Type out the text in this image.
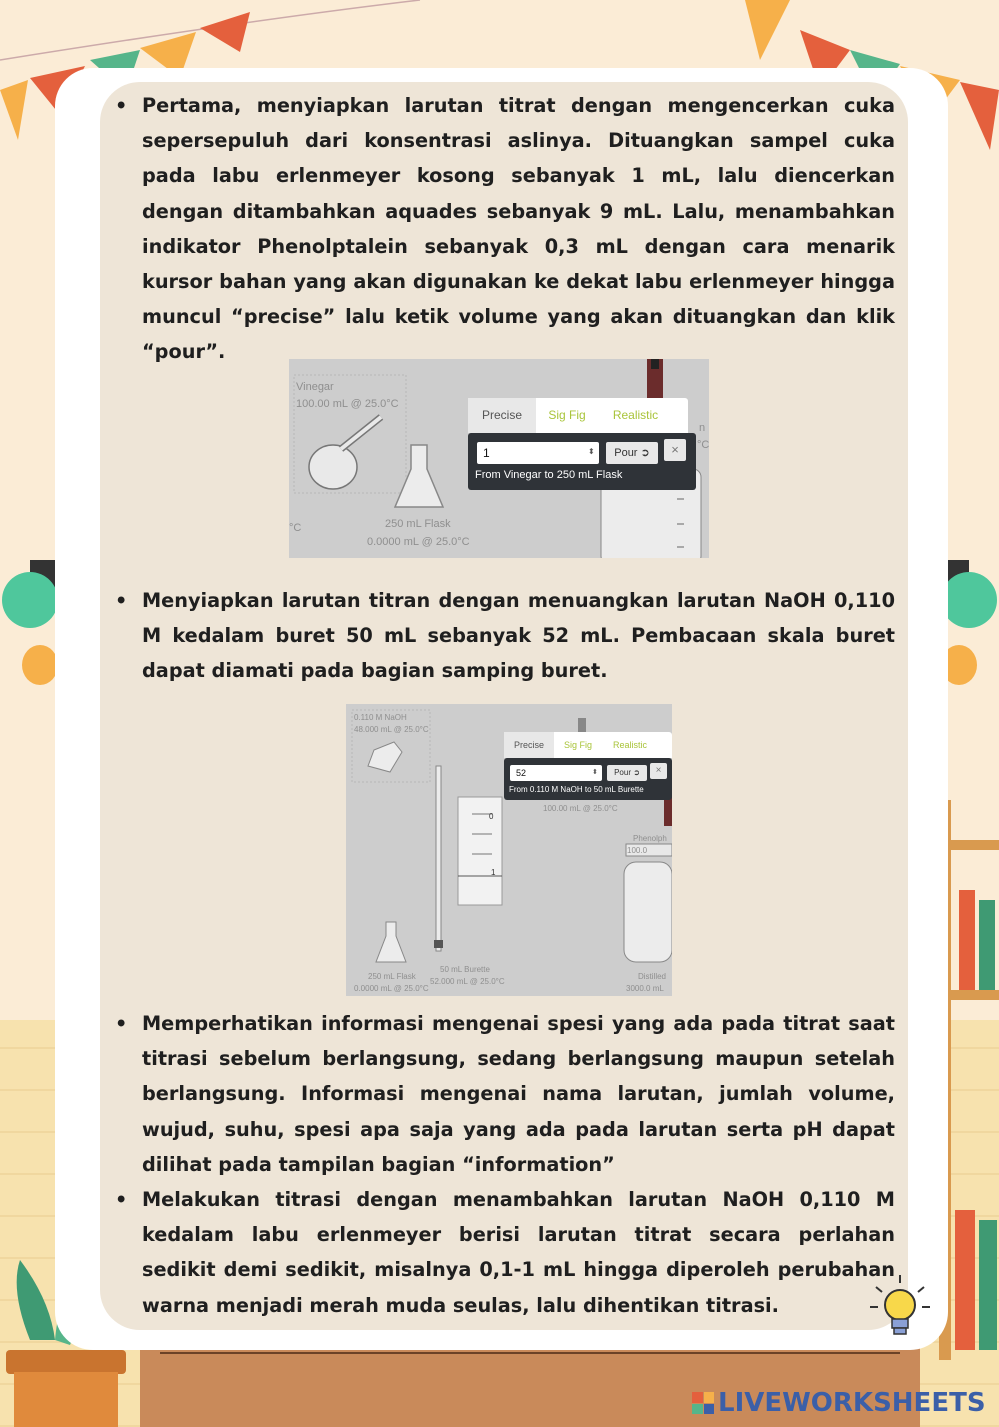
• Pertama, menyiapkan larutan titrat dengan mengencerkan cuka sepersepuluh dari konsentrasi aslinya. Dituangkan sampel cuka pada labu erlenmeyer kosong sebanyak 1 mL, lalu diencerkan dengan ditambahkan aquades sebanyak 9 mL. Lalu, menambahkan indikator Phenolptalein sebanyak 0,3 mL dengan cara menarik kursor bahan yang akan digunakan ke dekat labu erlenmeyer hingga muncul “precise” lalu ketik volume yang akan dituangkan dan klik “pour”.
Vinegar
100.00 mL @ 25.0°C
250 mL Flask
0.0000 mL @ 25.0°C
°C
n
°C
Precise	Sig Fig	Realistic
1	⬍	Pour ➲	×
From Vinegar to 250 mL Flask
• Menyiapkan larutan titran dengan menuangkan larutan NaOH 0,110 M kedalam buret 50 mL sebanyak 52 mL. Pembacaan skala buret dapat diamati pada bagian samping buret.
0.110 M NaOH
48.000 mL @ 25.0°C
100.00 mL @ 25.0°C
0
1
Phenolph
100.0
250 mL Flask
0.0000 mL @ 25.0°C
50 mL Burette
52.000 mL @ 25.0°C
Distilled
3000.0 mL
Precise	Sig Fig	Realistic
52	⬍	Pour ➲	×
From 0.110 M NaOH to 50 mL Burette
• Memperhatikan informasi mengenai spesi yang ada pada titrat saat titrasi sebelum berlangsung, sedang berlangsung maupun setelah berlangsung. Informasi mengenai nama larutan, jumlah volume, wujud, suhu, spesi apa saja yang ada pada larutan serta pH dapat dilihat pada tampilan bagian “information”
• Melakukan titrasi dengan menambahkan larutan NaOH 0,110 M kedalam labu erlenmeyer berisi larutan titrat secara perlahan sedikit demi sedikit, misalnya 0,1-1 mL hingga diperoleh perubahan warna menjadi merah muda seulas, lalu dihentikan titrasi.
LIVEWORKSHEETS
